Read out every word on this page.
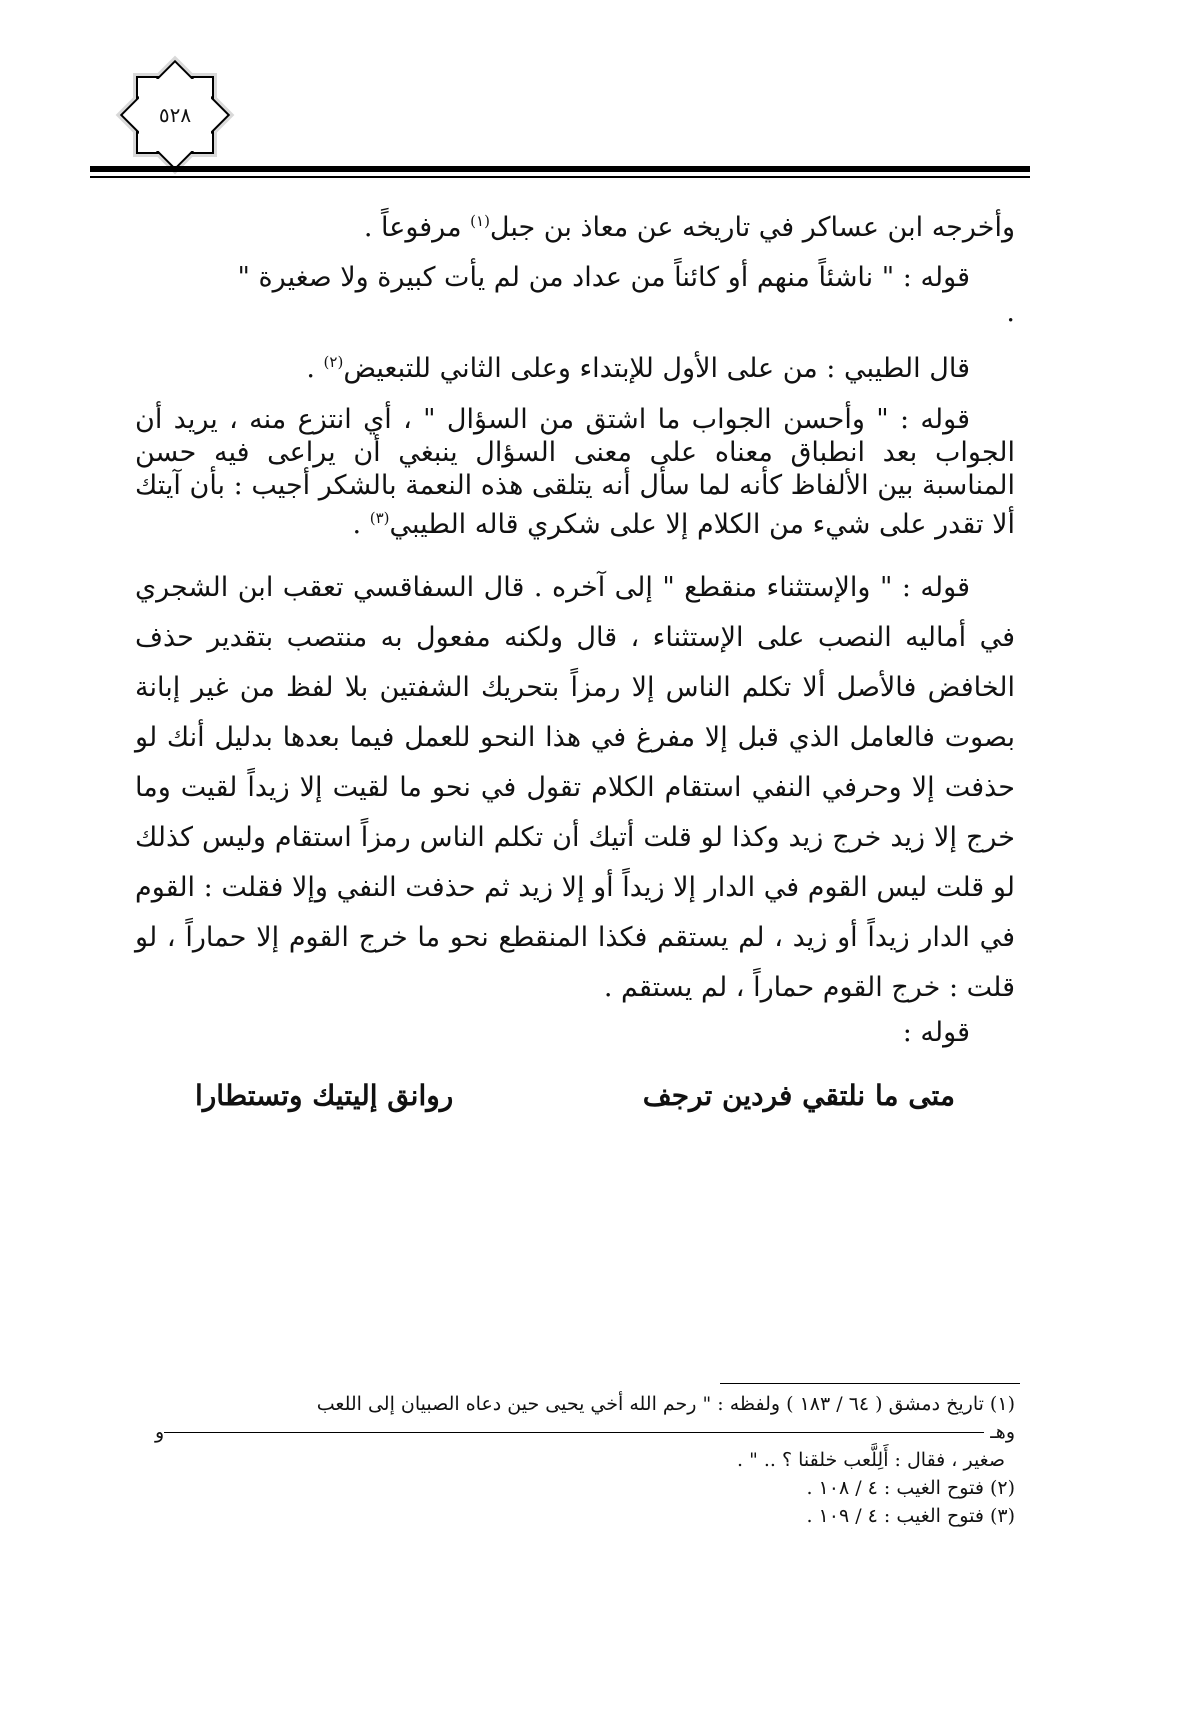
٥٢٨

وأخرجه ابن عساكر في تاريخه عن معاذ بن جبل$^{(١)}$ مرفوعاً .

قوله : " ناشئاً منهم أو كائناً من عداد من لم يأت كبيرة ولا صغيرة "

.

قال الطيبي : من على الأول للإبتداء وعلى الثاني للتبعيض$^{(٢)}$ .

قوله : " وأحسن الجواب ما اشتق من السؤال " ، أي انتزع منه ، يريد أن الجواب بعد انطباق معناه على معنى السؤال ينبغي أن يراعى فيه حسن المناسبة بين الألفاظ كأنه لما سأل أنه يتلقى هذه النعمة بالشكر أجيب : بأن آيتك ألا تقدر على شيء من الكلام إلا على شكري قاله الطيبي$^{(٣)}$ .

قوله : " والإستثناء منقطع " إلى آخره . قال السفاقسي تعقب ابن الشجري في أماليه النصب على الإستثناء ، قال ولكنه مفعول به منتصب بتقدير حذف الخافض فالأصل ألا تكلم الناس إلا رمزاً بتحريك الشفتين بلا لفظ من غير إبانة بصوت فالعامل الذي قبل إلا مفرغ في هذا النحو للعمل فيما بعدها بدليل أنك لو حذفت إلا وحرفي النفي استقام الكلام تقول في نحو ما لقيت إلا زيداً لقيت وما خرج إلا زيد خرج زيد وكذا لو قلت أتيك أن تكلم الناس رمزاً استقام وليس كذلك لو قلت ليس القوم في الدار إلا زيداً أو إلا زيد ثم حذفت النفي وإلا فقلت : القوم في الدار زيداً أو زيد ، لم يستقم فكذا المنقطع نحو ما خرج القوم إلا حماراً ، لو قلت : خرج القوم حماراً ، لم يستقم .

قوله :

متى ما نلتقي فردين ترجف
روانق إليتيك وتستطارا

(١) تاريخ دمشق ( ٦٤ / ١٨٣ ) ولفظه : " رحم الله أخي يحيى حين دعاه الصبيان إلى اللعب

وهـ
و

صغير ، فقال : أَلِلَّعب خلقنا ؟ .. " .

(٢) فتوح الغيب : ٤ / ١٠٨ .

(٣) فتوح الغيب : ٤ / ١٠٩ .
